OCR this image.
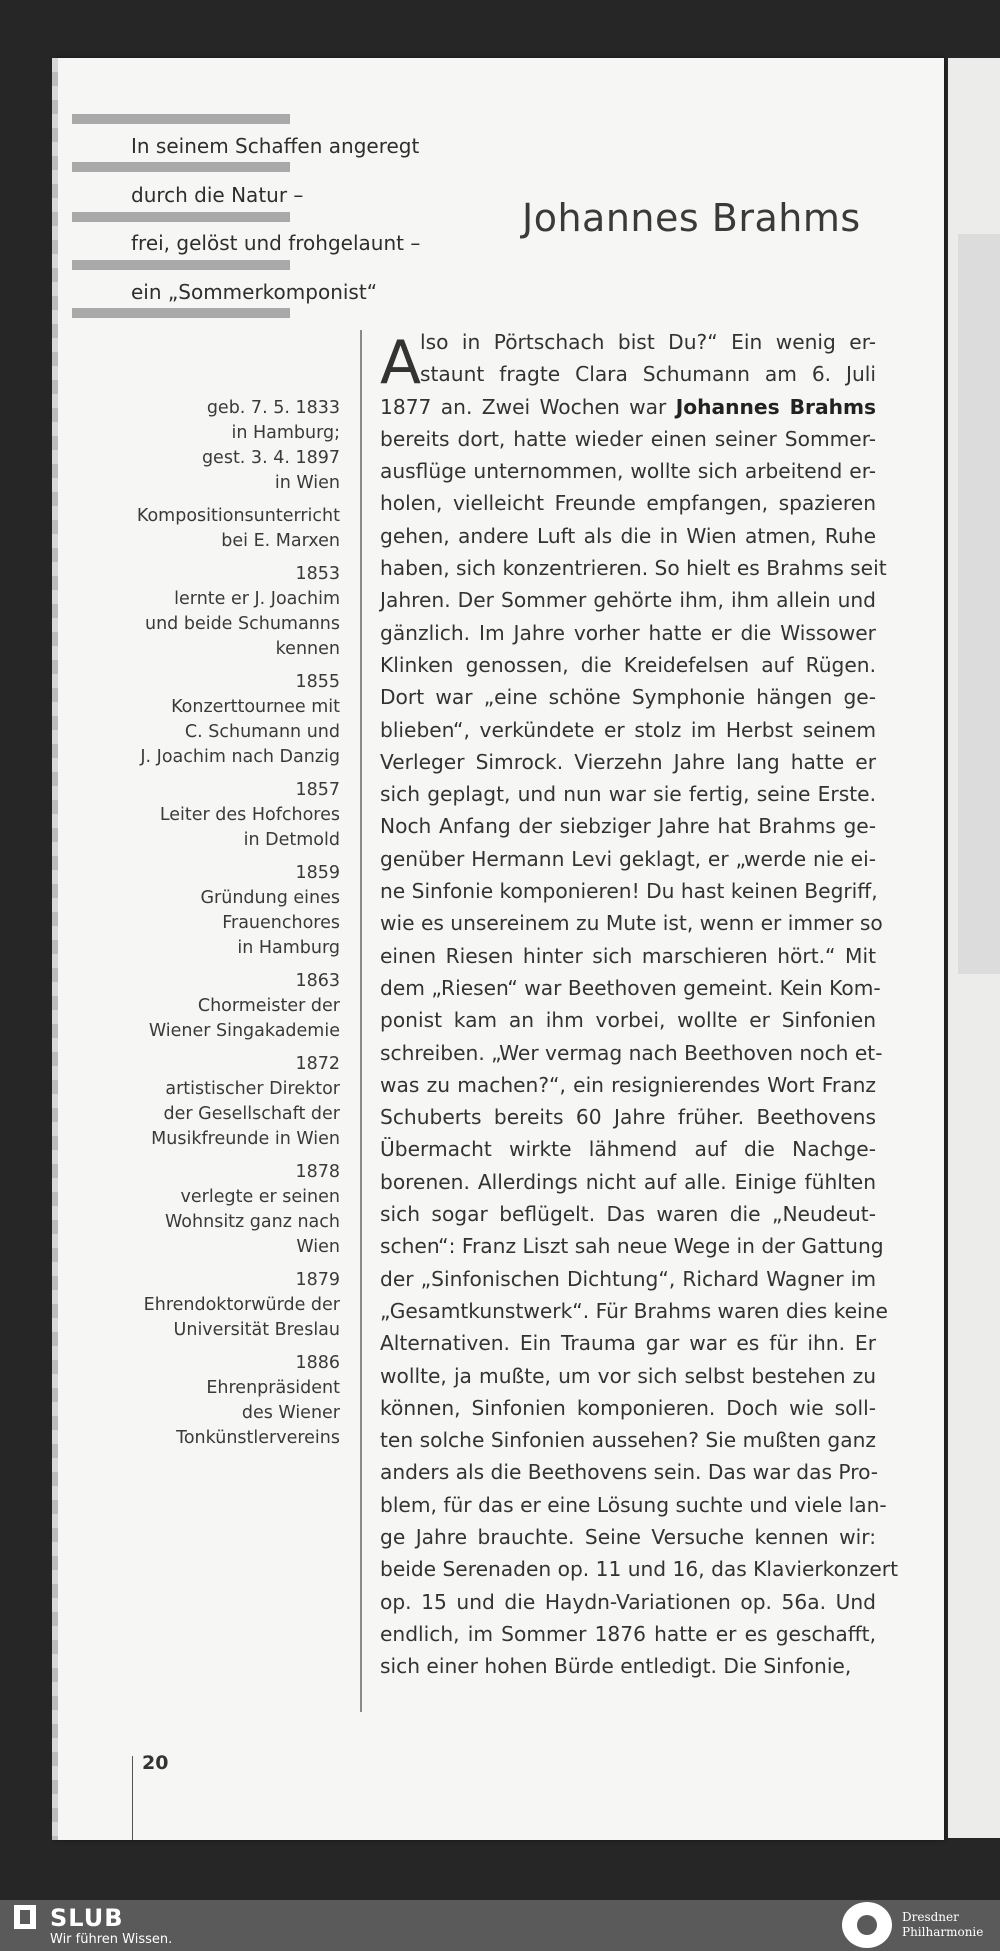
In seinem Schaffen angeregt
durch die Natur –
frei, gelöst und frohgelaunt –
ein „Sommerkomponist“
Johannes Brahms
geb. 7. 5. 1833
in Hamburg;
gest. 3. 4. 1897
in Wien
Kompositionsunterricht
bei E. Marxen
1853
lernte er J. Joachim
und beide Schumanns
kennen
1855
Konzerttournee mit
C. Schumann und
J. Joachim nach Danzig
1857
Leiter des Hofchores
in Detmold
1859
Gründung eines
Frauenchores
in Hamburg
1863
Chormeister der
Wiener Singakademie
1872
artistischer Direktor
der Gesellschaft der
Musikfreunde in Wien
1878
verlegte er seinen
Wohnsitz ganz nach
Wien
1879
Ehrendoktorwürde der
Universität Breslau
1886
Ehrenpräsident
des Wiener
Tonkünstlervereins
A
lso in Pörtschach bist Du?“ Ein wenig er-
staunt fragte Clara Schumann am 6. Juli
1877 an. Zwei Wochen war Johannes Brahms
bereits dort, hatte wieder einen seiner Sommer-
ausflüge unternommen, wollte sich arbeitend er-
holen, vielleicht Freunde empfangen, spazieren
gehen, andere Luft als die in Wien atmen, Ruhe
haben, sich konzentrieren. So hielt es Brahms seit
Jahren. Der Sommer gehörte ihm, ihm allein und
gänzlich. Im Jahre vorher hatte er die Wissower
Klinken genossen, die Kreidefelsen auf Rügen.
Dort war „eine schöne Symphonie hängen ge-
blieben“, verkündete er stolz im Herbst seinem
Verleger Simrock. Vierzehn Jahre lang hatte er
sich geplagt, und nun war sie fertig, seine Erste.
Noch Anfang der siebziger Jahre hat Brahms ge-
genüber Hermann Levi geklagt, er „werde nie ei-
ne Sinfonie komponieren! Du hast keinen Begriff,
wie es unsereinem zu Mute ist, wenn er immer so
einen Riesen hinter sich marschieren hört.“ Mit
dem „Riesen“ war Beethoven gemeint. Kein Kom-
ponist kam an ihm vorbei, wollte er Sinfonien
schreiben. „Wer vermag nach Beethoven noch et-
was zu machen?“, ein resignierendes Wort Franz
Schuberts bereits 60 Jahre früher. Beethovens
Übermacht wirkte lähmend auf die Nachge-
borenen. Allerdings nicht auf alle. Einige fühlten
sich sogar beflügelt. Das waren die „Neudeut-
schen“: Franz Liszt sah neue Wege in der Gattung
der „Sinfonischen Dichtung“, Richard Wagner im
„Gesamtkunstwerk“. Für Brahms waren dies keine
Alternativen. Ein Trauma gar war es für ihn. Er
wollte, ja mußte, um vor sich selbst bestehen zu
können, Sinfonien komponieren. Doch wie soll-
ten solche Sinfonien aussehen? Sie mußten ganz
anders als die Beethovens sein. Das war das Pro-
blem, für das er eine Lösung suchte und viele lan-
ge Jahre brauchte. Seine Versuche kennen wir:
beide Serenaden op. 11 und 16, das Klavierkonzert
op. 15 und die Haydn-Variationen op. 56a. Und
endlich, im Sommer 1876 hatte er es geschafft,
sich einer hohen Bürde entledigt. Die Sinfonie,
20
SLUB
Wir führen Wissen.
Dresdner
Philharmonie
